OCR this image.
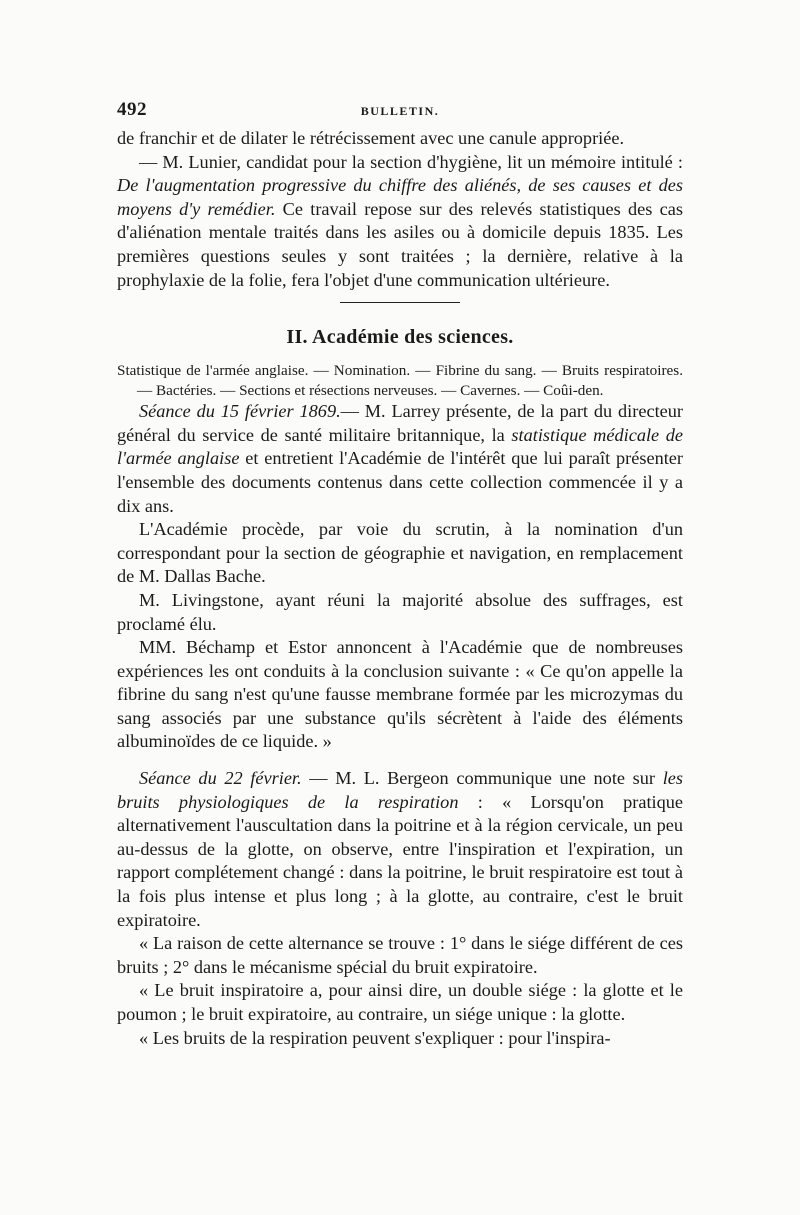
492	BULLETIN.

de franchir et de dilater le rétrécissement avec une canule appropriée.

— M. Lunier, candidat pour la section d'hygiène, lit un mémoire intitulé : De l'augmentation progressive du chiffre des aliénés, de ses causes et des moyens d'y remédier. Ce travail repose sur des relevés statistiques des cas d'aliénation mentale traités dans les asiles ou à domicile depuis 1835. Les premières questions seules y sont traitées ; la dernière, relative à la prophylaxie de la folie, fera l'objet d'une communication ultérieure.

II. Académie des sciences.

Statistique de l'armée anglaise. — Nomination. — Fibrine du sang. — Bruits respiratoires. — Bactéries. — Sections et résections nerveuses. — Cavernes. — Coûi-den.

Séance du 15 février 1869.— M. Larrey présente, de la part du directeur général du service de santé militaire britannique, la statistique médicale de l'armée anglaise et entretient l'Académie de l'intérêt que lui paraît présenter l'ensemble des documents contenus dans cette collection commencée il y a dix ans.

L'Académie procède, par voie du scrutin, à la nomination d'un correspondant pour la section de géographie et navigation, en remplacement de M. Dallas Bache.

M. Livingstone, ayant réuni la majorité absolue des suffrages, est proclamé élu.

MM. Béchamp et Estor annoncent à l'Académie que de nombreuses expériences les ont conduits à la conclusion suivante : « Ce qu'on appelle la fibrine du sang n'est qu'une fausse membrane formée par les microzymas du sang associés par une substance qu'ils sécrètent à l'aide des éléments albuminoïdes de ce liquide. »

Séance du 22 février. — M. L. Bergeon communique une note sur les bruits physiologiques de la respiration : « Lorsqu'on pratique alternativement l'auscultation dans la poitrine et à la région cervicale, un peu au-dessus de la glotte, on observe, entre l'inspiration et l'expiration, un rapport complétement changé : dans la poitrine, le bruit respiratoire est tout à la fois plus intense et plus long ; à la glotte, au contraire, c'est le bruit expiratoire.

« La raison de cette alternance se trouve : 1° dans le siége différent de ces bruits ; 2° dans le mécanisme spécial du bruit expiratoire.

« Le bruit inspiratoire a, pour ainsi dire, un double siége : la glotte et le poumon ; le bruit expiratoire, au contraire, un siége unique : la glotte.

« Les bruits de la respiration peuvent s'expliquer : pour l'inspira-
